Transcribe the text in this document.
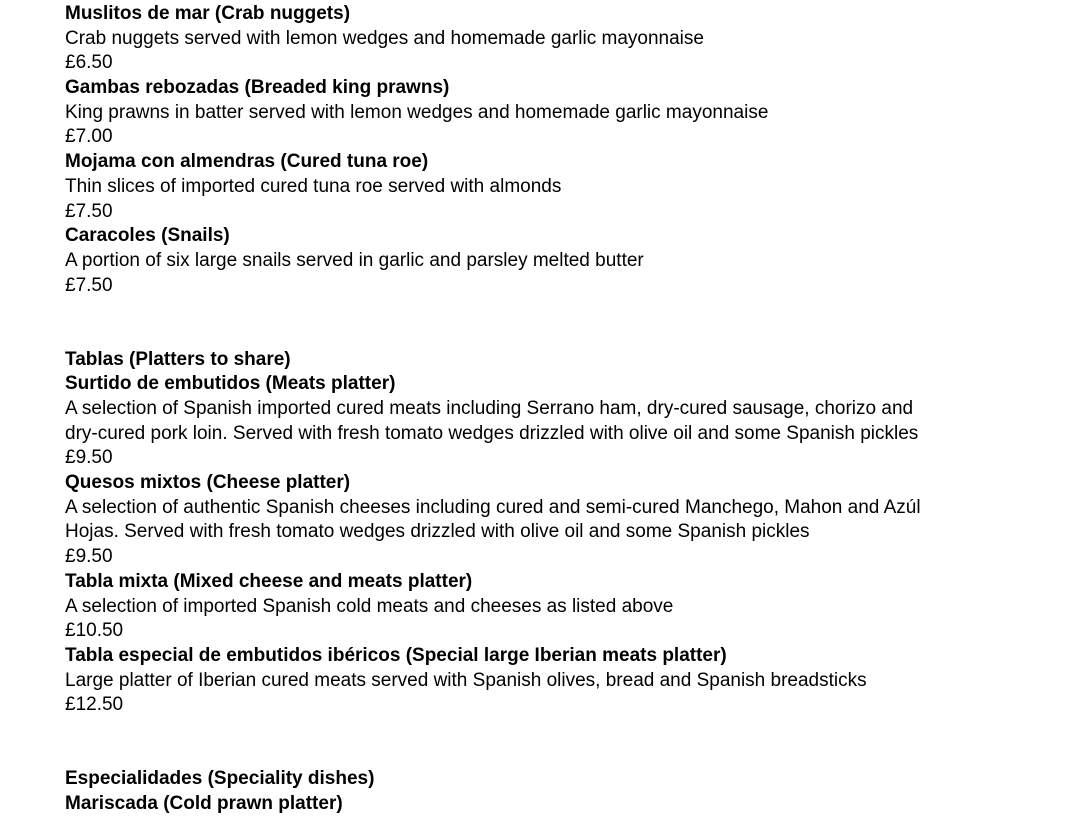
Muslitos de mar (Crab nuggets)
Crab nuggets served with lemon wedges and homemade garlic mayonnaise
£6.50
Gambas rebozadas (Breaded king prawns)
King prawns in batter served with lemon wedges and homemade garlic mayonnaise
£7.00
Mojama con almendras (Cured tuna roe)
Thin slices of imported cured tuna roe served with almonds
£7.50
Caracoles (Snails)
A portion of six large snails served in garlic and parsley melted butter
£7.50
Tablas (Platters to share)
Surtido de embutidos (Meats platter)
A selection of Spanish imported cured meats including Serrano ham, dry-cured sausage, chorizo and
dry-cured pork loin. Served with fresh tomato wedges drizzled with olive oil and some Spanish pickles
£9.50
Quesos mixtos (Cheese platter)
A selection of authentic Spanish cheeses including cured and semi-cured Manchego, Mahon and Azúl
Hojas. Served with fresh tomato wedges drizzled with olive oil and some Spanish pickles
£9.50
Tabla mixta (Mixed cheese and meats platter)
A selection of imported Spanish cold meats and cheeses as listed above
£10.50
Tabla especial de embutidos ibéricos (Special large Iberian meats platter)
Large platter of Iberian cured meats served with Spanish olives, bread and Spanish breadsticks
£12.50
Especialidades (Speciality dishes)
Mariscada (Cold prawn platter)
